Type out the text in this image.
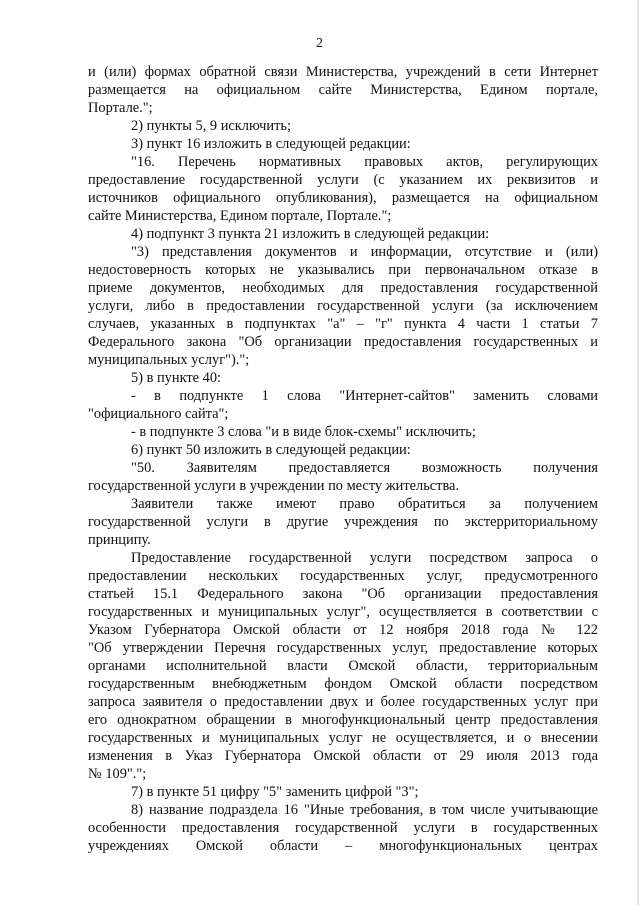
2
и (или) формах обратной связи Министерства, учреждений в сети Интернет
размещается на официальном сайте Министерства, Едином портале,
Портале.";
2) пункты 5, 9 исключить;
3) пункт 16 изложить в следующей редакции:
"16. Перечень нормативных правовых актов, регулирующих
предоставление государственной услуги (с указанием их реквизитов и
источников официального опубликования), размещается на официальном
сайте Министерства, Едином портале, Портале.";
4) подпункт 3 пункта 21 изложить в следующей редакции:
"3) представления документов и информации, отсутствие и (или)
недостоверность которых не указывались при первоначальном отказе в
приеме документов, необходимых для предоставления государственной
услуги, либо в предоставлении государственной услуги (за исключением
случаев, указанных в подпунктах "а" – "г" пункта 4 части 1 статьи 7
Федерального закона "Об организации предоставления государственных и
муниципальных услуг").";
5) в пункте 40:
- в подпункте 1 слова "Интернет-сайтов" заменить словами
"официального сайта";
- в подпункте 3 слова "и в виде блок-схемы" исключить;
6) пункт 50 изложить в следующей редакции:
"50. Заявителям предоставляется возможность получения
государственной услуги в учреждении по месту жительства.
Заявители также имеют право обратиться за получением
государственной услуги в другие учреждения по экстерриториальному
принципу.
Предоставление государственной услуги посредством запроса о
предоставлении нескольких государственных услуг, предусмотренного
статьей 15.1 Федерального закона "Об организации предоставления
государственных и муниципальных услуг", осуществляется в соответствии с
Указом Губернатора Омской области от 12 ноября 2018 года № 122
"Об утверждении Перечня государственных услуг, предоставление которых
органами исполнительной власти Омской области, территориальным
государственным внебюджетным фондом Омской области посредством
запроса заявителя о предоставлении двух и более государственных услуг при
его однократном обращении в многофункциональный центр предоставления
государственных и муниципальных услуг не осуществляется, и о внесении
изменения в Указ Губернатора Омской области от 29 июля 2013 года
№ 109".";
7) в пункте 51 цифру "5" заменить цифрой "3";
8) название подраздела 16 "Иные требования, в том числе учитывающие
особенности предоставления государственной услуги в государственных
учреждениях Омской области – многофункциональных центрах
